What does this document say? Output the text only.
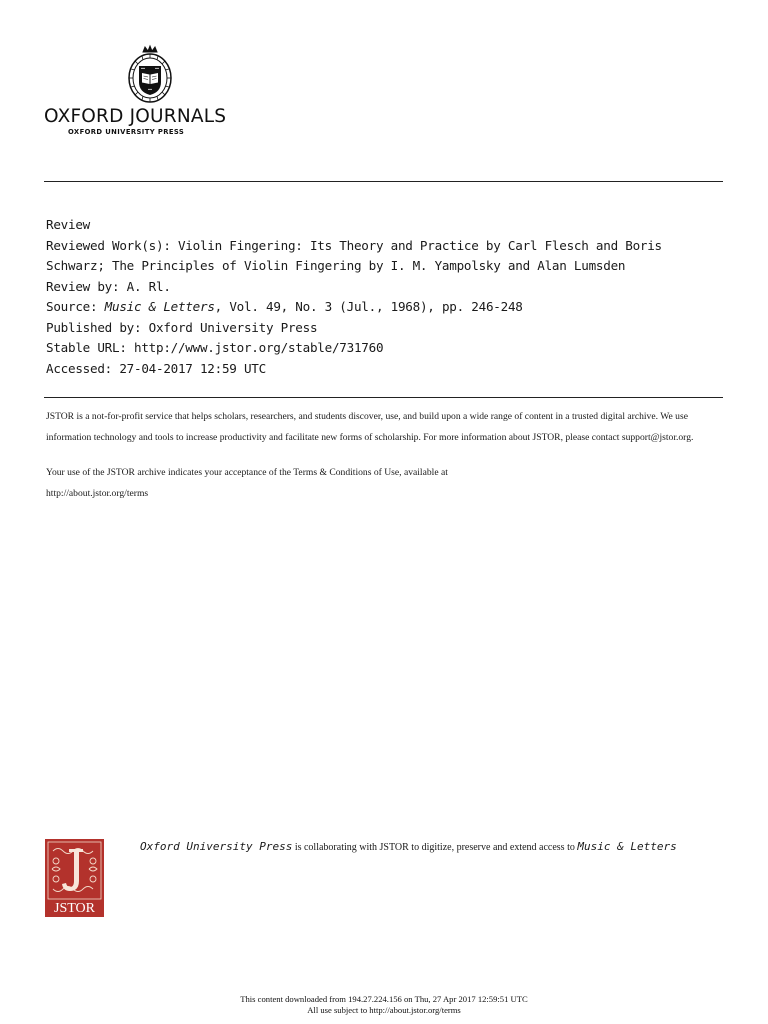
OXFORD JOURNALS
OXFORD UNIVERSITY PRESS
Review
Reviewed Work(s): Violin Fingering: Its Theory and Practice by Carl Flesch and Boris
Schwarz; The Principles of Violin Fingering by I. M. Yampolsky and Alan Lumsden
Review by: A. Rl.
Source: Music & Letters, Vol. 49, No. 3 (Jul., 1968), pp. 246-248
Published by: Oxford University Press
Stable URL: http://www.jstor.org/stable/731760
Accessed: 27-04-2017 12:59 UTC

JSTOR is a not-for-profit service that helps scholars, researchers, and students discover, use, and build upon a wide range of content in a trusted digital archive. We use information technology and tools to increase productivity and facilitate new forms of scholarship. For more information about JSTOR, please contact support@jstor.org.

Your use of the JSTOR archive indicates your acceptance of the Terms & Conditions of Use, available at
http://about.jstor.org/terms

JSTOR
Oxford University Press is collaborating with JSTOR to digitize, preserve and extend access to Music & Letters
This content downloaded from 194.27.224.156 on Thu, 27 Apr 2017 12:59:51 UTC
All use subject to http://about.jstor.org/terms
